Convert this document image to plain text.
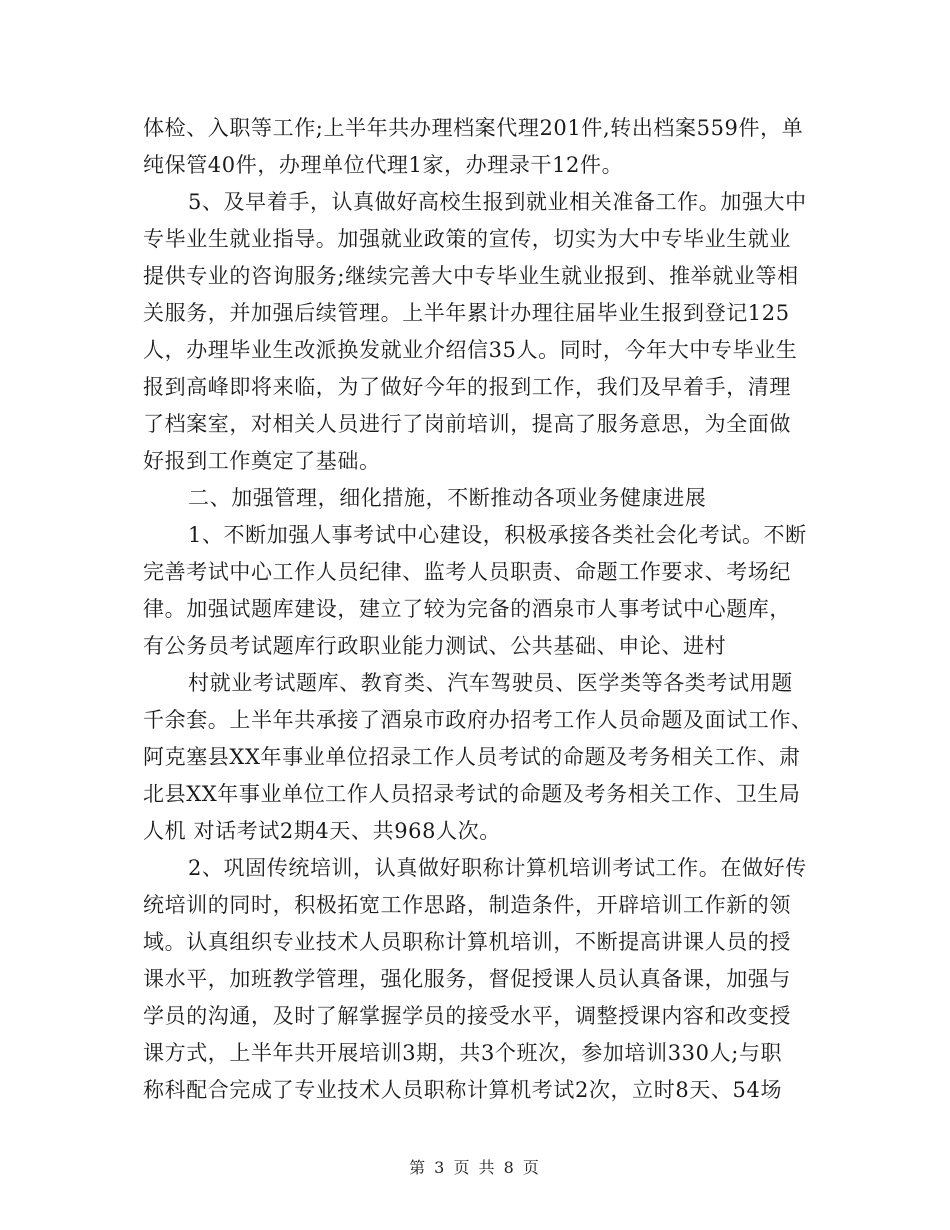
体检、入职等工作;上半年共办理档案代理201件,转出档案559件，单
纯保管40件，办理单位代理1家，办理录干12件。
5、及早着手，认真做好高校生报到就业相关准备工作。加强大中
专毕业生就业指导。加强就业政策的宣传，切实为大中专毕业生就业
提供专业的咨询服务;继续完善大中专毕业生就业报到、推举就业等相
关服务，并加强后续管理。上半年累计办理往届毕业生报到登记125
人，办理毕业生改派换发就业介绍信35人。同时，今年大中专毕业生
报到高峰即将来临，为了做好今年的报到工作，我们及早着手，清理
了档案室，对相关人员进行了岗前培训，提高了服务意思，为全面做
好报到工作奠定了基础。
二、加强管理，细化措施，不断推动各项业务健康进展
1、不断加强人事考试中心建设，积极承接各类社会化考试。不断
完善考试中心工作人员纪律、监考人员职责、命题工作要求、考场纪
律。加强试题库建设，建立了较为完备的酒泉市人事考试中心题库，
有公务员考试题库行政职业能力测试、公共基础、申论、进村
村就业考试题库、教育类、汽车驾驶员、医学类等各类考试用题
千余套。上半年共承接了酒泉市政府办招考工作人员命题及面试工作、
阿克塞县XX年事业单位招录工作人员考试的命题及考务相关工作、肃
北县XX年事业单位工作人员招录考试的命题及考务相关工作、卫生局
人机 对话考试2期4天、共968人次。
2、巩固传统培训，认真做好职称计算机培训考试工作。在做好传
统培训的同时，积极拓宽工作思路，制造条件，开辟培训工作新的领
域。认真组织专业技术人员职称计算机培训，不断提高讲课人员的授
课水平，加班教学管理，强化服务，督促授课人员认真备课，加强与
学员的沟通，及时了解掌握学员的接受水平，调整授课内容和改变授
课方式，上半年共开展培训3期，共3个班次，参加培训330人;与职
称科配合完成了专业技术人员职称计算机考试2次，立时8天、54场
第 3 页 共 8 页
